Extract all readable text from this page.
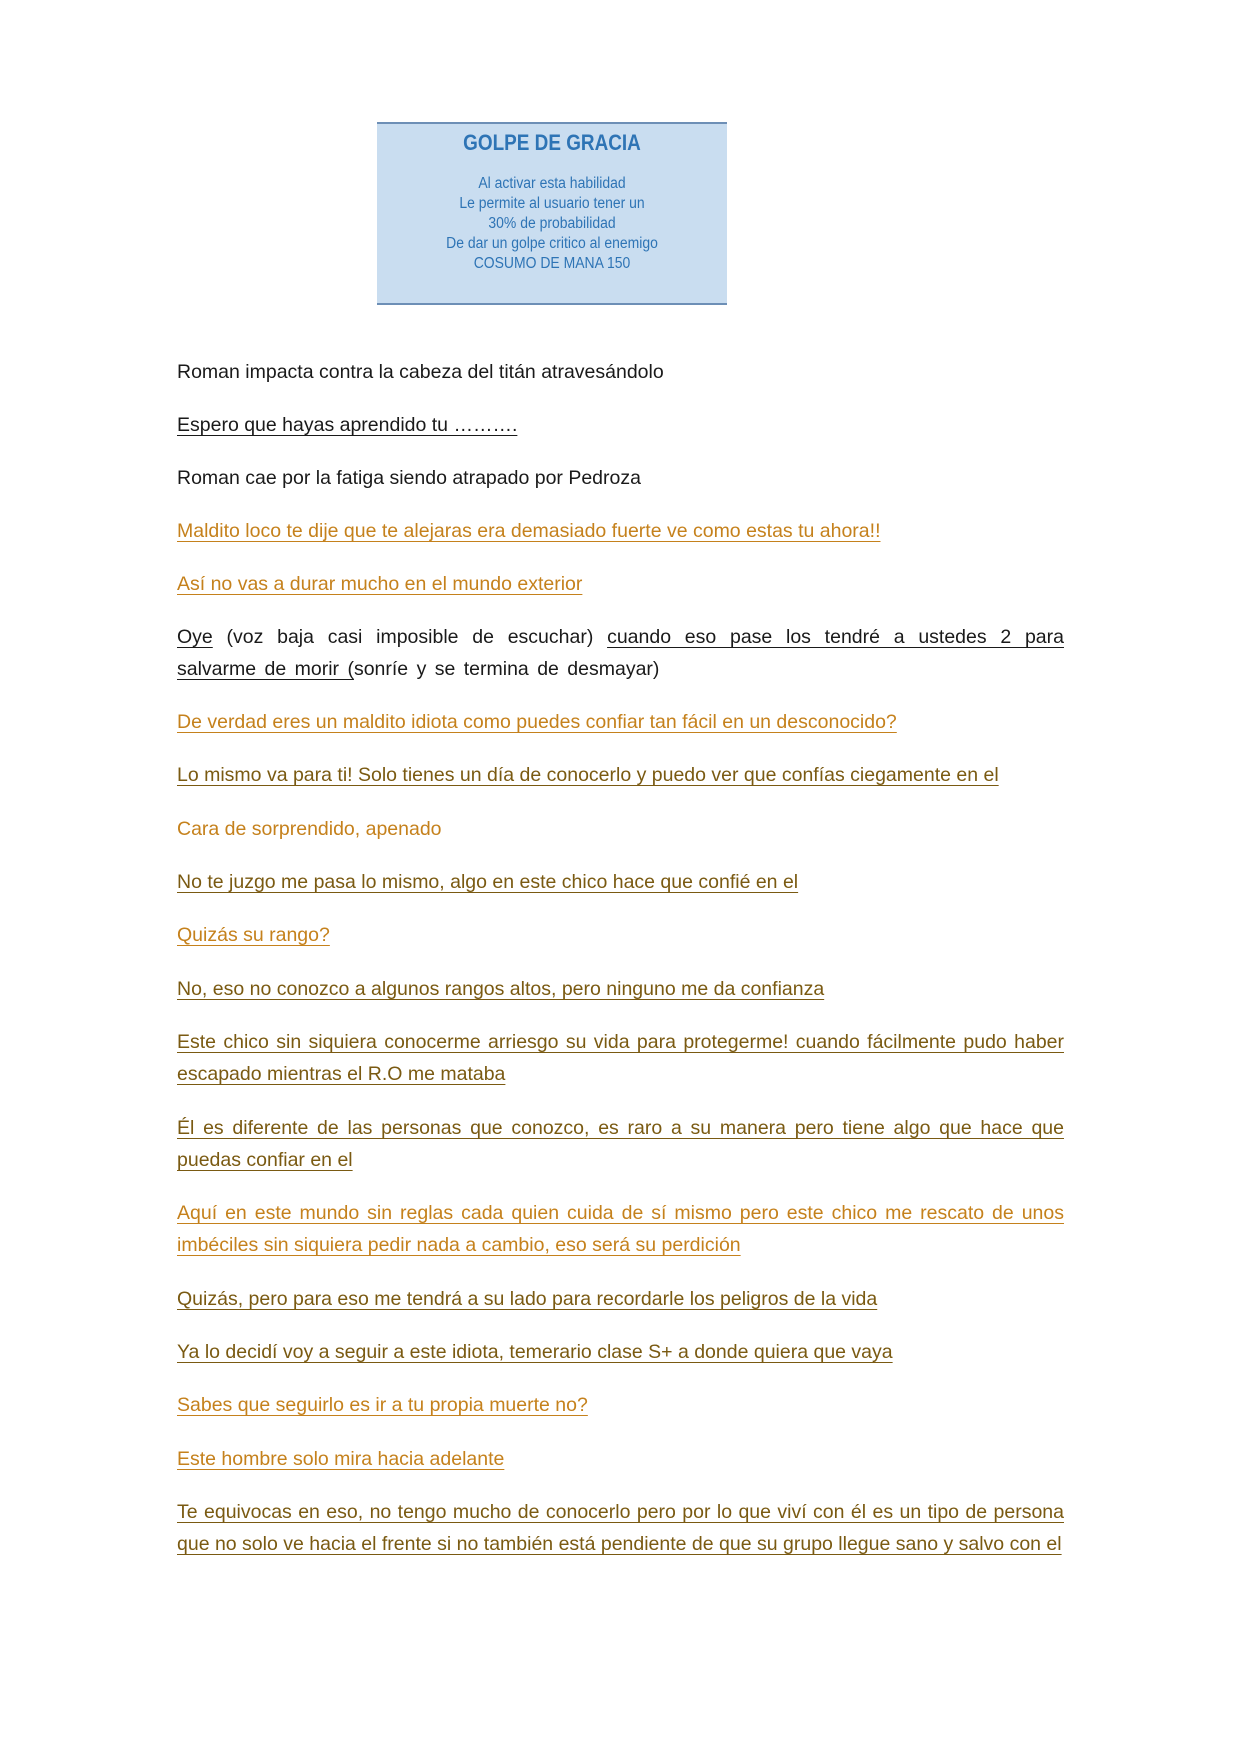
GOLPE DE GRACIA
Al activar esta habilidad
Le permite al usuario tener un
30% de probabilidad
De dar un golpe critico al enemigo
COSUMO DE MANA 150

Roman impacta contra la cabeza del titán atravesándolo

Espero que hayas aprendido tu ……….

Roman cae por la fatiga siendo atrapado por Pedroza

Maldito loco te dije que te alejaras era demasiado fuerte ve como estas tu ahora!!

Así no vas a durar mucho en el mundo exterior

Oye (voz baja casi imposible de escuchar) cuando eso pase los tendré a ustedes 2 para salvarme de morir (sonríe y se termina de desmayar)

De verdad eres un maldito idiota como puedes confiar tan fácil en un desconocido?

Lo mismo va para ti! Solo tienes un día de conocerlo y puedo ver que confías ciegamente en el

Cara de sorprendido, apenado

No te juzgo me pasa lo mismo, algo en este chico hace que confié en el

Quizás su rango?

No, eso no conozco a algunos rangos altos, pero ninguno me da confianza

Este chico sin siquiera conocerme arriesgo su vida para protegerme! cuando fácilmente pudo haber escapado mientras el R.O me mataba

Él es diferente de las personas que conozco, es raro a su manera pero tiene algo que hace que puedas confiar en el

Aquí en este mundo sin reglas cada quien cuida de sí mismo pero este chico me rescato de unos imbéciles sin siquiera pedir nada a cambio, eso será su perdición

Quizás, pero para eso me tendrá a su lado para recordarle los peligros de la vida

Ya lo decidí voy a seguir a este idiota, temerario clase S+ a donde quiera que vaya

Sabes que seguirlo es ir a tu propia muerte no?

Este hombre solo mira hacia adelante

Te equivocas en eso, no tengo mucho de conocerlo pero por lo que viví con él es un tipo de persona que no solo ve hacia el frente si no también está pendiente de que su grupo llegue sano y salvo con el
